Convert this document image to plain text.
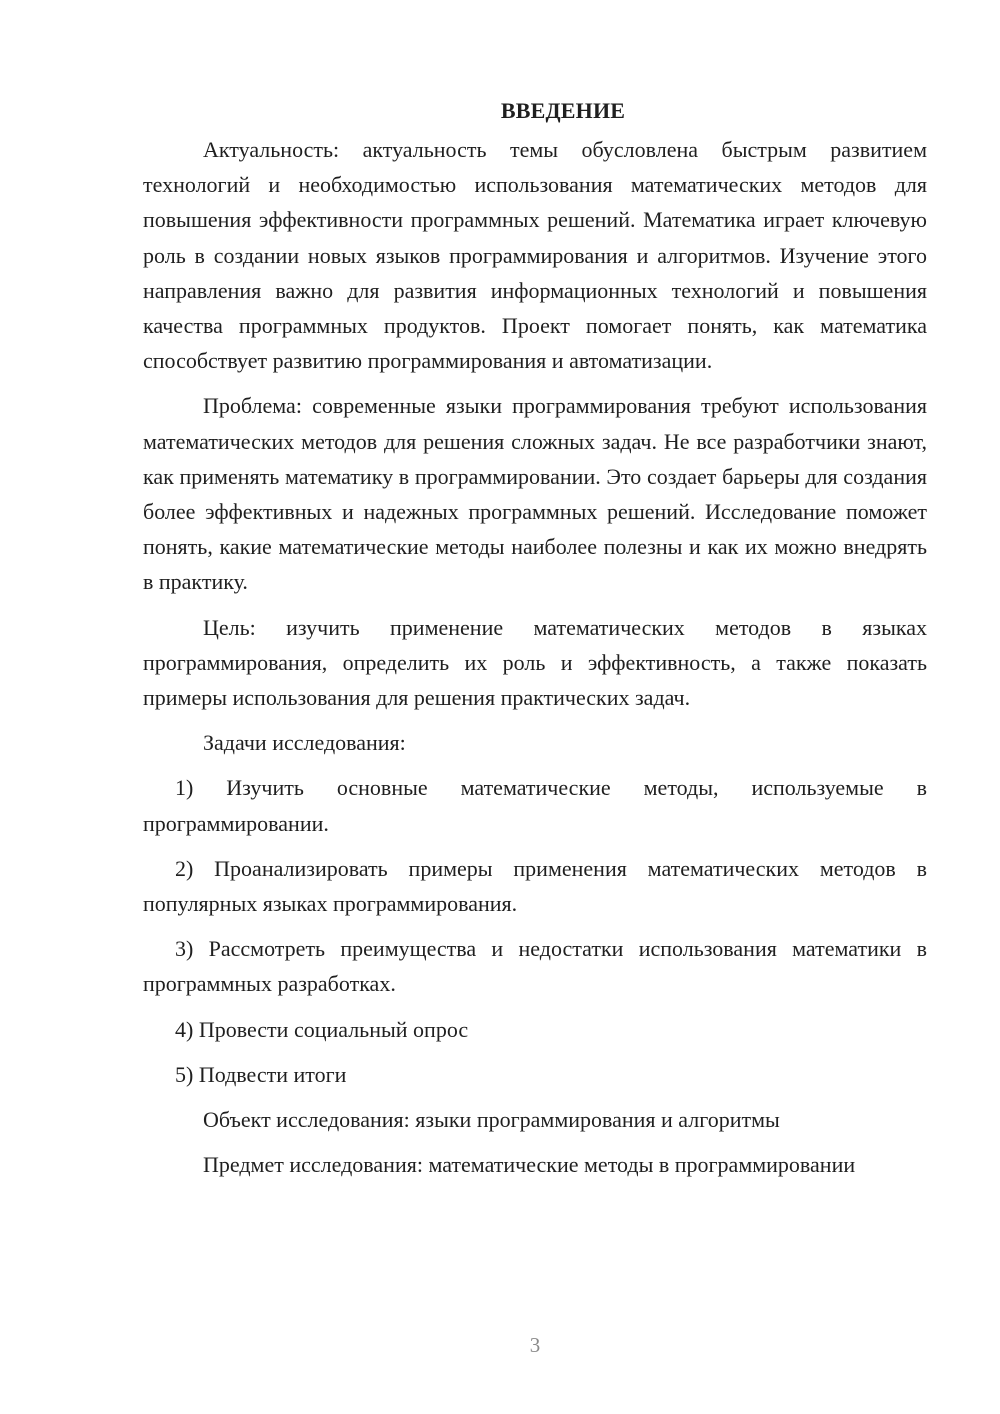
ВВЕДЕНИЕ

Актуальность: актуальность темы обусловлена быстрым развитием технологий и необходимостью использования математических методов для повышения эффективности программных решений. Математика играет ключевую роль в создании новых языков программирования и алгоритмов. Изучение этого направления важно для развития информационных технологий и повышения качества программных продуктов. Проект помогает понять, как математика способствует развитию программирования и автоматизации.

Проблема: современные языки программирования требуют использования математических методов для решения сложных задач. Не все разработчики знают, как применять математику в программировании. Это создает барьеры для создания более эффективных и надежных программных решений. Исследование поможет понять, какие математические методы наиболее полезны и как их можно внедрять в практику.

Цель: изучить применение математических методов в языках программирования, определить их роль и эффективность, а также показать примеры использования для решения практических задач.

Задачи исследования:

1) Изучить основные математические методы, используемые в программировании.

2) Проанализировать примеры применения математических методов в популярных языках программирования.

3) Рассмотреть преимущества и недостатки использования математики в программных разработках.

4) Провести социальный опрос

5) Подвести итоги

Объект исследования: языки программирования и алгоритмы

Предмет исследования: математические методы в программировании

3
